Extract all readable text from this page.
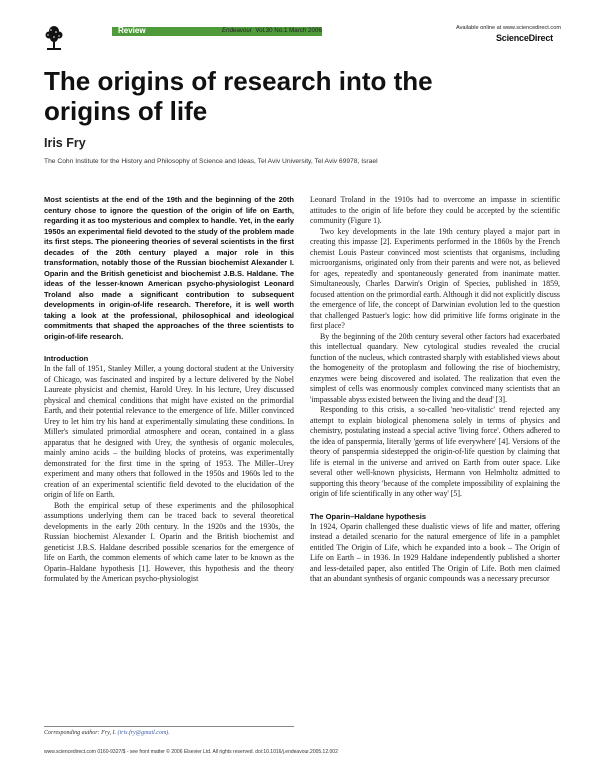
Review	Endeavour Vol.30 No.1 March 2006	Available online at www.sciencedirect.com
ScienceDirect
The origins of research into the origins of life
Iris Fry
The Cohn Institute for the History and Philosophy of Science and Ideas, Tel Aviv University, Tel Aviv 69978, Israel

Most scientists at the end of the 19th and the beginning of the 20th century chose to ignore the question of the origin of life on Earth, regarding it as too mysterious and complex to handle. Yet, in the early 1950s an experimental field devoted to the study of the problem made its first steps. The pioneering theories of several scientists in the first decades of the 20th century played a major role in this transformation, notably those of the Russian biochemist Alexander I. Oparin and the British geneticist and biochemist J.B.S. Haldane. The ideas of the lesser-known American psycho-physiologist Leonard Troland also made a significant contribution to subsequent developments in origin-of-life research. Therefore, it is well worth taking a look at the professional, philosophical and ideological commitments that shaped the approaches of the three scientists to origin-of-life research.

Introduction

In the fall of 1951, Stanley Miller, a young doctoral student at the University of Chicago, was fascinated and inspired by a lecture delivered by the Nobel Laureate physicist and chemist, Harold Urey. In his lecture, Urey discussed physical and chemical conditions that might have existed on the primordial Earth, and their potential relevance to the emergence of life. Miller convinced Urey to let him try his hand at experimentally simulating these conditions. In Miller's simulated primordial atmosphere and ocean, contained in a glass apparatus that he designed with Urey, the synthesis of organic molecules, mainly amino acids – the building blocks of proteins, was experimentally demonstrated for the first time in the spring of 1953. The Miller–Urey experiment and many others that followed in the 1950s and 1960s led to the creation of an experimental scientific field devoted to the elucidation of the origin of life on Earth.

Both the empirical setup of these experiments and the philosophical assumptions underlying them can be traced back to several theoretical developments in the early 20th century. In the 1920s and the 1930s, the Russian biochemist Alexander I. Oparin and the British biochemist and geneticist J.B.S. Haldane described possible scenarios for the emergence of life on Earth, the common elements of which came later to be known as the Oparin–Haldane hypothesis [1]. However, this hypothesis and the theory formulated by the American psycho-physiologist

Leonard Troland in the 1910s had to overcome an impasse in scientific attitudes to the origin of life before they could be accepted by the scientific community (Figure 1).

Two key developments in the late 19th century played a major part in creating this impasse [2]. Experiments performed in the 1860s by the French chemist Louis Pasteur convinced most scientists that organisms, including microorganisms, originated only from their parents and were not, as believed for ages, repeatedly and spontaneously generated from inanimate matter. Simultaneously, Charles Darwin's Origin of Species, published in 1859, focused attention on the primordial earth. Although it did not explicitly discuss the emergence of life, the concept of Darwinian evolution led to the question that challenged Pastuer's logic: how did primitive life forms originate in the first place?

By the beginning of the 20th century several other factors had exacerbated this intellectual quandary. New cytological studies revealed the crucial function of the nucleus, which contrasted sharply with established views about the homogeneity of the protoplasm and following the rise of biochemistry, enzymes were being discovered and isolated. The realization that even the simplest of cells was enormously complex convinced many scientists that an 'impassable abyss existed between the living and the dead' [3].

Responding to this crisis, a so-called 'neo-vitalistic' trend rejected any attempt to explain biological phenomena solely in terms of physics and chemistry, postulating instead a special active 'living force'. Others adhered to the idea of panspermia, literally 'germs of life everywhere' [4]. Versions of the theory of panspermia sidestepped the origin-of-life question by claiming that life is eternal in the universe and arrived on Earth from outer space. Like several other well-known physicists, Hermann von Helmholtz admitted to supporting this theory 'because of the complete impossibility of explaining the origin of life scientifically in any other way' [5].

The Oparin–Haldane hypothesis

In 1924, Oparin challenged these dualistic views of life and matter, offering instead a detailed scenario for the natural emergence of life in a pamphlet entitled The Origin of Life, which he expanded into a book – The Origin of Life on Earth – in 1936. In 1929 Haldane independently published a shorter and less-detailed paper, also entitled The Origin of Life. Both men claimed that an abundant synthesis of organic compounds was a necessary precursor

Corresponding author: Fry, I. (iris.fry@gmail.com).
www.sciencedirect.com 0160-9327/$ - see front matter © 2006 Elsevier Ltd. All rights reserved. doi:10.1016/j.endeavour.2005.12.002
